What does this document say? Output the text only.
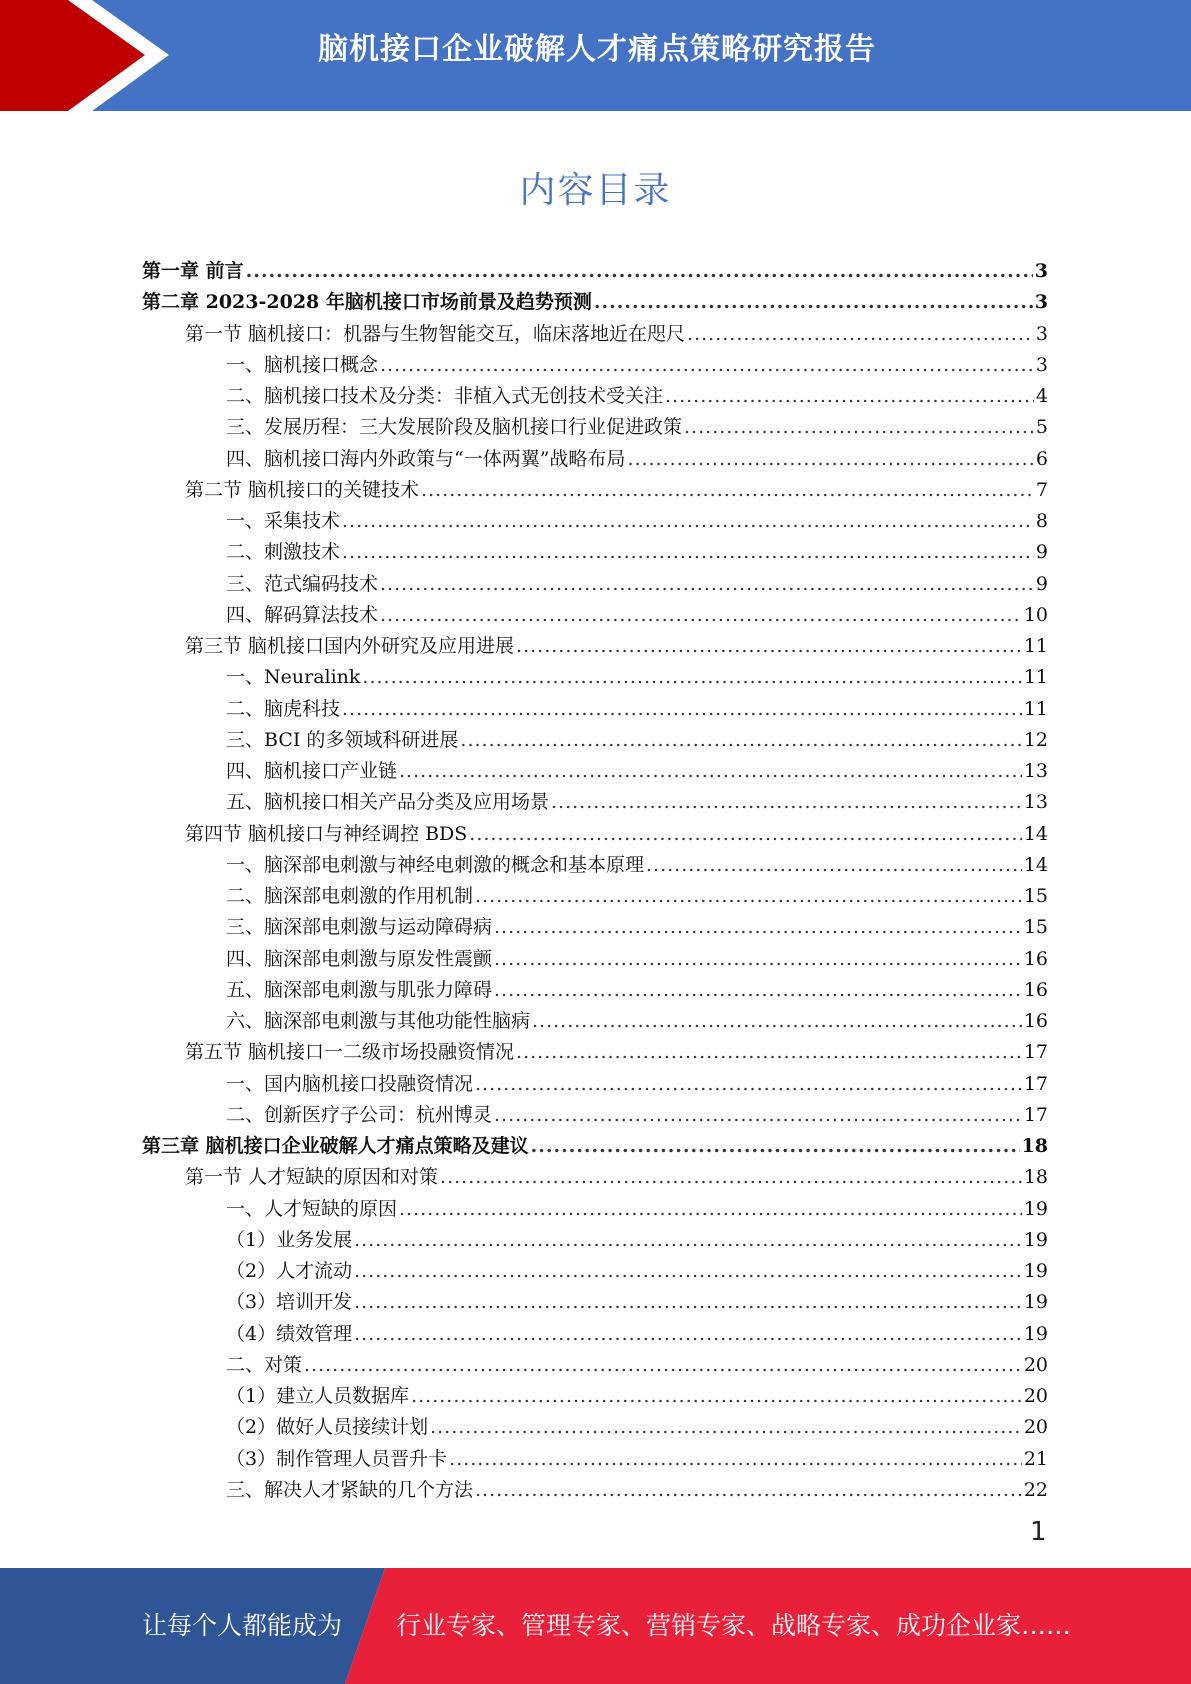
脑机接口企业破解人才痛点策略研究报告
内容目录
第一章 前言 .....	3
第二章 2023-2028 年脑机接口市场前景及趋势预测 .....	3
第一节 脑机接口：机器与生物智能交互，临床落地近在咫尺 .....	3
一、脑机接口概念 .....	3
二、脑机接口技术及分类：非植入式无创技术受关注 .....	4
三、发展历程：三大发展阶段及脑机接口行业促进政策 .....	5
四、脑机接口海内外政策与“一体两翼”战略布局 .....	6
第二节 脑机接口的关键技术 .....	7
一、采集技术 .....	8
二、刺激技术 .....	9
三、范式编码技术 .....	9
四、解码算法技术 .....	10
第三节 脑机接口国内外研究及应用进展 .....	11
一、Neuralink .....	11
二、脑虎科技 .....	11
三、BCI 的多领域科研进展 .....	12
四、脑机接口产业链 .....	13
五、脑机接口相关产品分类及应用场景 .....	13
第四节 脑机接口与神经调控 BDS .....	14
一、脑深部电刺激与神经电刺激的概念和基本原理 .....	14
二、脑深部电刺激的作用机制 .....	15
三、脑深部电刺激与运动障碍病 .....	15
四、脑深部电刺激与原发性震颤 .....	16
五、脑深部电刺激与肌张力障碍 .....	16
六、脑深部电刺激与其他功能性脑病 .....	16
第五节 脑机接口一二级市场投融资情况 .....	17
一、国内脑机接口投融资情况 .....	17
二、创新医疗子公司：杭州博灵 .....	17
第三章 脑机接口企业破解人才痛点策略及建议 .....	18
第一节 人才短缺的原因和对策 .....	18
一、人才短缺的原因 .....	19
（1）业务发展 .....	19
（2）人才流动 .....	19
（3）培训开发 .....	19
（4）绩效管理 .....	19
二、对策 .....	20
（1）建立人员数据库 .....	20
（2）做好人员接续计划 .....	20
（3）制作管理人员晋升卡 .....	21
三、解决人才紧缺的几个方法 .....	22
1
让每个人都能成为 行业专家、管理专家、营销专家、战略专家、成功企业家……
